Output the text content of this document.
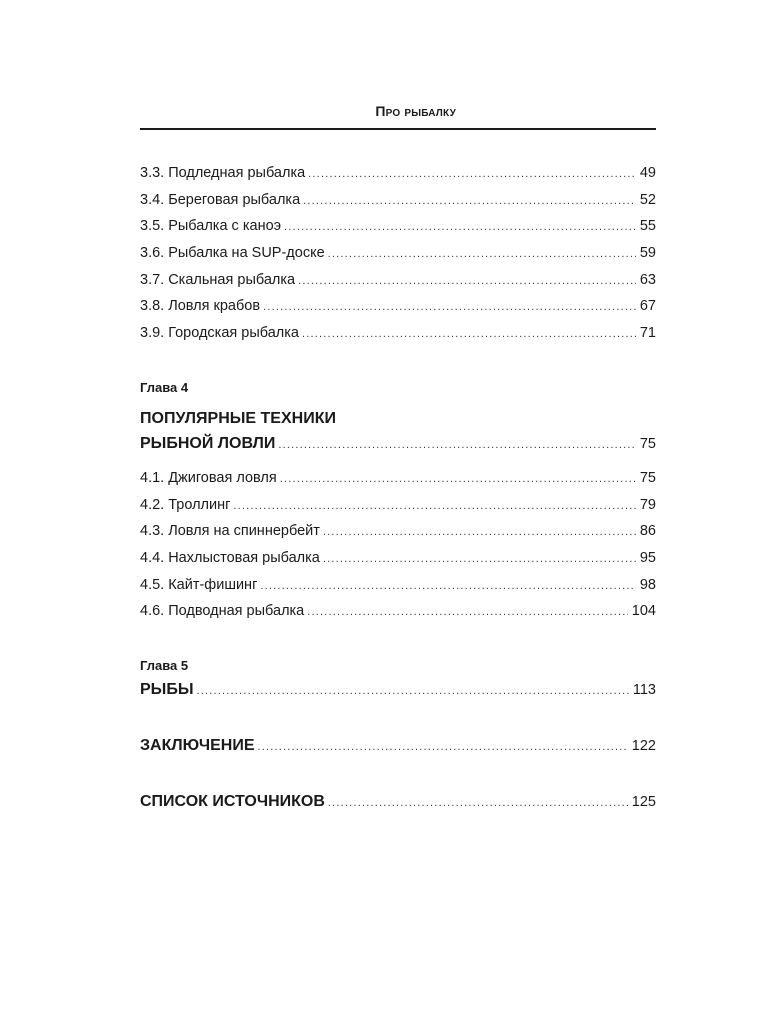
Про рыбалку
3.3. Подледная рыбалка .....	49
3.4. Береговая рыбалка .....	52
3.5. Рыбалка с каноэ .....	55
3.6. Рыбалка на SUP-доске .....	59
3.7. Скальная рыбалка .....	63
3.8. Ловля крабов .....	67
3.9. Городская рыбалка .....	71
Глава 4
ПОПУЛЯРНЫЕ ТЕХНИКИ
РЫБНОЙ ЛОВЛИ .....	75
4.1. Джиговая ловля .....	75
4.2. Троллинг .....	79
4.3. Ловля на спиннербейт .....	86
4.4. Нахлыстовая рыбалка .....	95
4.5. Кайт-фишинг .....	98
4.6. Подводная рыбалка .....	104
Глава 5
РЫБЫ .....	113
ЗАКЛЮЧЕНИЕ .....	122
СПИСОК ИСТОЧНИКОВ .....	125
